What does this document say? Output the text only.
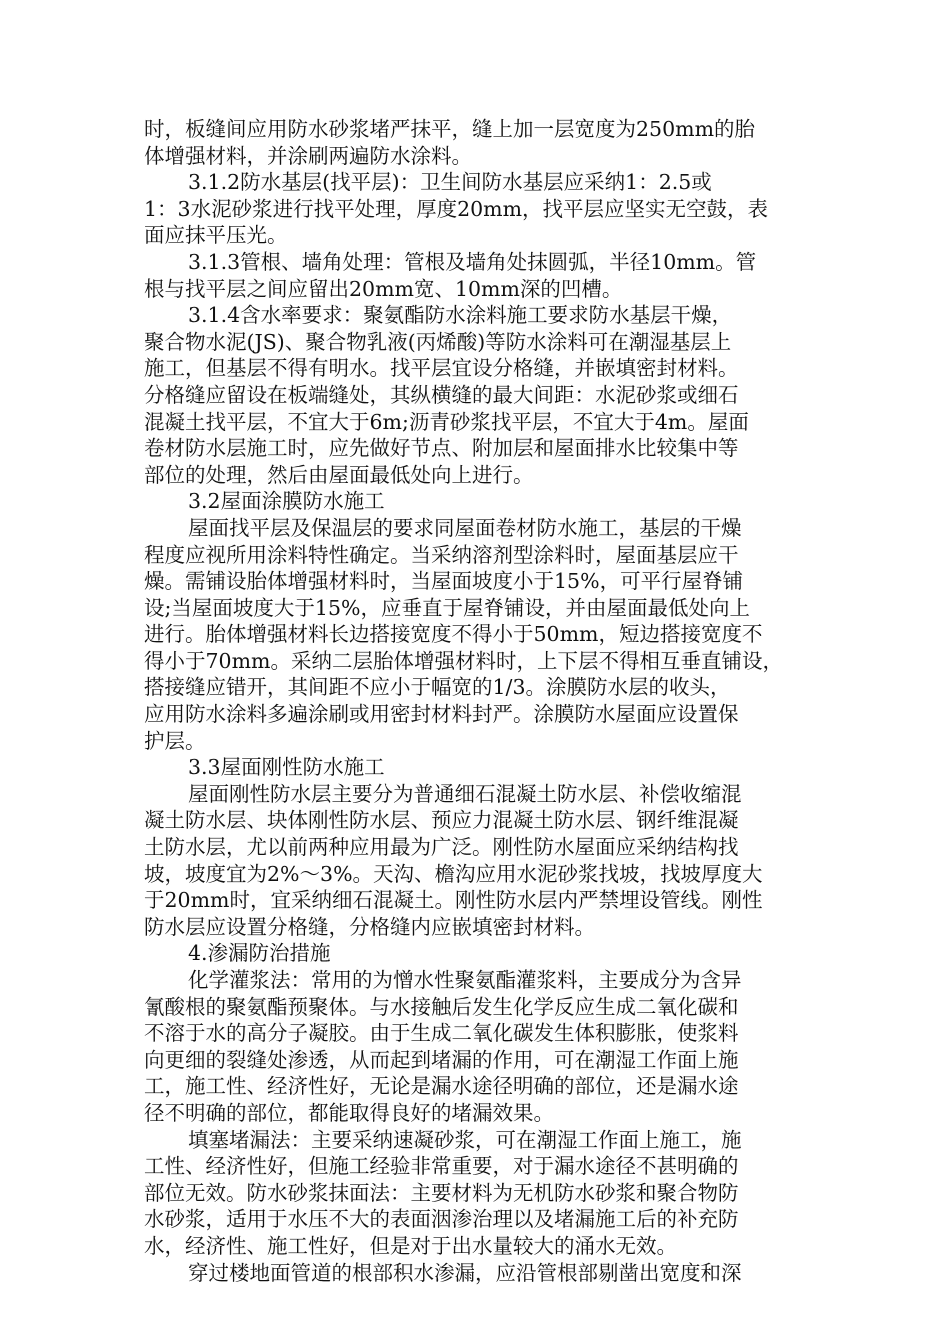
时，板缝间应用防水砂浆堵严抹平，缝上加一层宽度为250mm的胎
体增强材料，并涂刷两遍防水涂料。
3.1.2防水基层(找平层)：卫生间防水基层应采纳1：2.5或
1：3水泥砂浆进行找平处理，厚度20mm，找平层应坚实无空鼓，表
面应抹平压光。
3.1.3管根、墙角处理：管根及墙角处抹圆弧，半径10mm。管
根与找平层之间应留出20mm宽、10mm深的凹槽。
3.1.4含水率要求：聚氨酯防水涂料施工要求防水基层干燥，
聚合物水泥(JS)、聚合物乳液(丙烯酸)等防水涂料可在潮湿基层上
施工，但基层不得有明水。找平层宜设分格缝，并嵌填密封材料。
分格缝应留设在板端缝处，其纵横缝的最大间距：水泥砂浆或细石
混凝土找平层，不宜大于6m;沥青砂浆找平层，不宜大于4m。屋面
卷材防水层施工时，应先做好节点、附加层和屋面排水比较集中等
部位的处理，然后由屋面最低处向上进行。
3.2屋面涂膜防水施工
屋面找平层及保温层的要求同屋面卷材防水施工，基层的干燥
程度应视所用涂料特性确定。当采纳溶剂型涂料时，屋面基层应干
燥。需铺设胎体增强材料时，当屋面坡度小于15%，可平行屋脊铺
设;当屋面坡度大于15%，应垂直于屋脊铺设，并由屋面最低处向上
进行。胎体增强材料长边搭接宽度不得小于50mm，短边搭接宽度不
得小于70mm。采纳二层胎体增强材料时，上下层不得相互垂直铺设，
搭接缝应错开，其间距不应小于幅宽的1/3。涂膜防水层的收头，
应用防水涂料多遍涂刷或用密封材料封严。涂膜防水屋面应设置保
护层。
3.3屋面刚性防水施工
屋面刚性防水层主要分为普通细石混凝土防水层、补偿收缩混
凝土防水层、块体刚性防水层、预应力混凝土防水层、钢纤维混凝
土防水层，尤以前两种应用最为广泛。刚性防水屋面应采纳结构找
坡，坡度宜为2%～3%。天沟、檐沟应用水泥砂浆找坡，找坡厚度大
于20mm时，宜采纳细石混凝土。刚性防水层内严禁埋设管线。刚性
防水层应设置分格缝，分格缝内应嵌填密封材料。
4.渗漏防治措施
化学灌浆法：常用的为憎水性聚氨酯灌浆料，主要成分为含异
氰酸根的聚氨酯预聚体。与水接触后发生化学反应生成二氧化碳和
不溶于水的高分子凝胶。由于生成二氧化碳发生体积膨胀，使浆料
向更细的裂缝处渗透，从而起到堵漏的作用，可在潮湿工作面上施
工，施工性、经济性好，无论是漏水途径明确的部位，还是漏水途
径不明确的部位，都能取得良好的堵漏效果。
填塞堵漏法：主要采纳速凝砂浆，可在潮湿工作面上施工，施
工性、经济性好，但施工经验非常重要，对于漏水途径不甚明确的
部位无效。防水砂浆抹面法：主要材料为无机防水砂浆和聚合物防
水砂浆，适用于水压不大的表面洇渗治理以及堵漏施工后的补充防
水，经济性、施工性好，但是对于出水量较大的涌水无效。
穿过楼地面管道的根部积水渗漏，应沿管根部剔凿出宽度和深
